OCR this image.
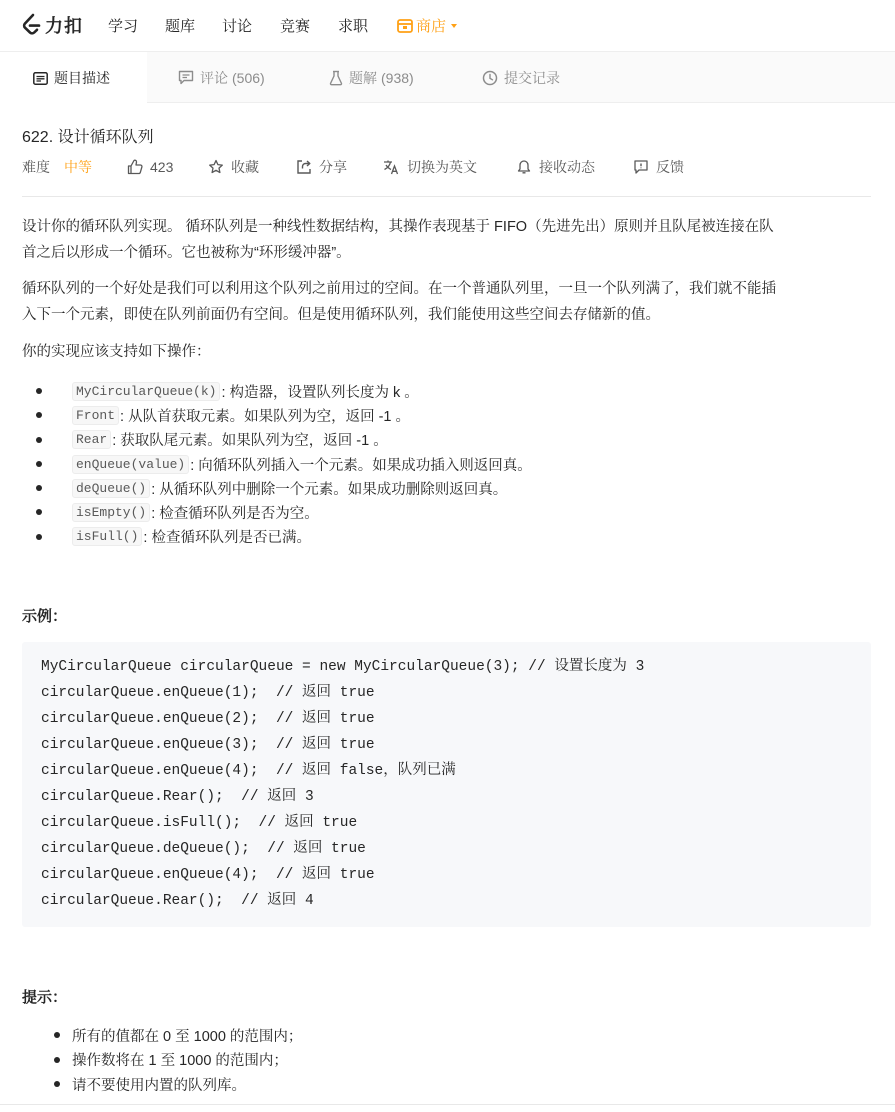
力扣 学习 题库 讨论 竞赛 求职	商店
题目描述	评论 (506)	题解 (938)	提交记录
622. 设计循环队列
难度 中等	423	收藏	分享	切换为英文	接收动态	反馈
设计你的循环队列实现。 循环队列是一种线性数据结构，其操作表现基于 FIFO（先进先出）原则并且队尾被连接在队
首之后以形成一个循环。它也被称为“环形缓冲器”。
循环队列的一个好处是我们可以利用这个队列之前用过的空间。在一个普通队列里，一旦一个队列满了，我们就不能插
入下一个元素，即使在队列前面仍有空间。但是使用循环队列，我们能使用这些空间去存储新的值。
你的实现应该支持如下操作：
MyCircularQueue(k) : 构造器，设置队列长度为 k 。
Front : 从队首获取元素。如果队列为空，返回 -1 。
Rear : 获取队尾元素。如果队列为空，返回 -1 。
enQueue(value) : 向循环队列插入一个元素。如果成功插入则返回真。
deQueue() : 从循环队列中删除一个元素。如果成功删除则返回真。
isEmpty() : 检查循环队列是否为空。
isFull() : 检查循环队列是否已满。
示例：
MyCircularQueue circularQueue = new MyCircularQueue(3); // 设置长度为 3
circularQueue.enQueue(1);  // 返回 true
circularQueue.enQueue(2);  // 返回 true
circularQueue.enQueue(3);  // 返回 true
circularQueue.enQueue(4);  // 返回 false，队列已满
circularQueue.Rear();  // 返回 3
circularQueue.isFull();  // 返回 true
circularQueue.deQueue();  // 返回 true
circularQueue.enQueue(4);  // 返回 true
circularQueue.Rear();  // 返回 4
提示：
所有的值都在 0 至 1000 的范围内；
操作数将在 1 至 1000 的范围内；
请不要使用内置的队列库。
